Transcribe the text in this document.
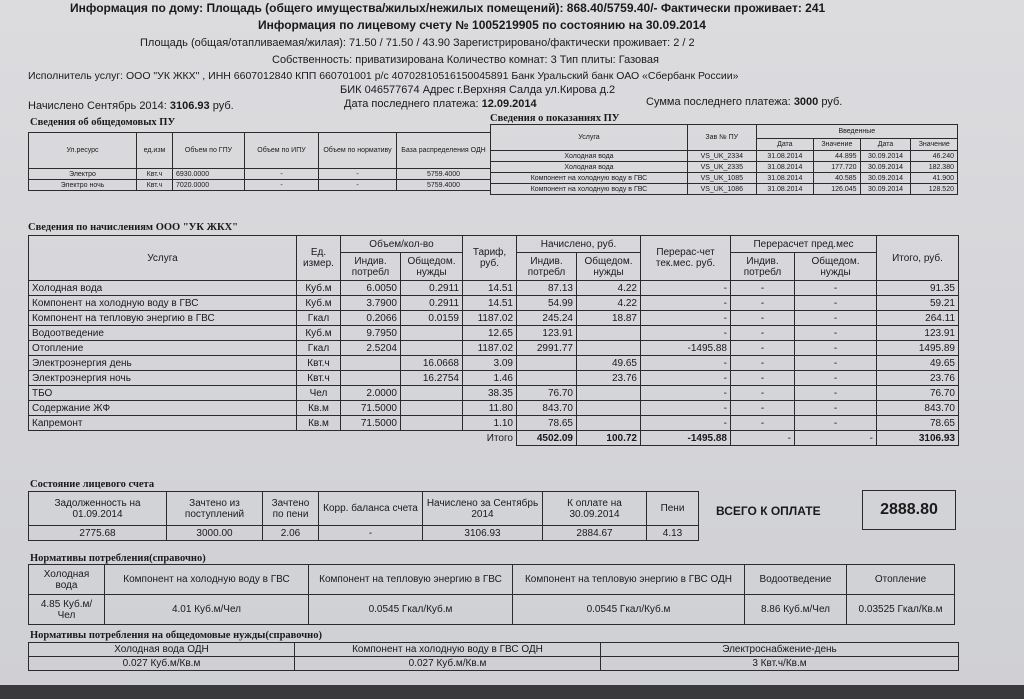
Информация по дому: Площадь (общего имущества/жилых/нежилых помещений): 868.40/5759.40/- Фактически проживает: 241
Информация по лицевому счету № 1005219905 по состоянию на 30.09.2014
Площадь (общая/отапливаемая/жилая): 71.50 / 71.50 / 43.90 Зарегистрировано/фактически проживает: 2 / 2
Собственность: приватизирована Количество комнат: 3 Тип плиты: Газовая
Исполнитель услуг: ООО "УК ЖКХ" , ИНН 6607012840 КПП 660701001 р/с 40702810516150045891 Банк Уральский банк ОАО «Сбербанк России»
БИК 046577674 Адрес г.Верхняя Салда ул.Кирова д.2
Начислено Сентябрь 2014: 3106.93 руб.	Дата последнего платежа: 12.09.2014	Сумма последнего платежа: 3000 руб.
Сведения об общедомовых ПУ
Ул.ресурс	ед.изм	Объем по ГПУ	Объем по ИПУ	Объем по нормативу	База распределения ОДН
Электро	Квт.ч	6930.0000	-	-	5759.4000
Электро ночь	Квт.ч	7020.0000	-	-	5759.4000
Сведения о показаниях ПУ
Услуга	Зав № ПУ	Введенные			
		Дата	Значение	Дата	Значение
Холодная вода	VS_UK_2334	31.08.2014	44.895	30.09.2014	46.240
Холодная вода	VS_UK_2335	31.08.2014	177.720	30.09.2014	182.380
Компонент на холодную воду в ГВС	VS_UK_1085	31.08.2014	40.585	30.09.2014	41.900
Компонент на холодную воду в ГВС	VS_UK_1086	31.08.2014	126.045	30.09.2014	128.520
Сведения по начислениям ООО "УК ЖКХ"
Услуга	Ед. измер.	Объем/кол-во		Тариф, руб.	Начислено, руб.		Перерас-чет тек.мес. руб.	Перерасчет пред.мес		Итого, руб.
		Индив. потребл	Общедом. нужды		Индив. потребл	Общедом. нужды		Индив. потребл	Общедом. нужды	
Холодная вода	Куб.м	6.0050	0.2911	14.51	87.13	4.22	-	-	-	91.35
Компонент на холодную воду в ГВС	Куб.м	3.7900	0.2911	14.51	54.99	4.22	-	-	-	59.21
Компонент на тепловую энергию в ГВС	Гкал	0.2066	0.0159	1187.02	245.24	18.87	-	-	-	264.11
Водоотведение	Куб.м	9.7950		12.65	123.91		-	-	-	123.91
Отопление	Гкал	2.5204		1187.02	2991.77		-1495.88	-	-	1495.89
Электроэнергия день	Квт.ч		16.0668	3.09		49.65	-	-	-	49.65
Электроэнергия ночь	Квт.ч		16.2754	1.46		23.76	-	-	-	23.76
ТБО	Чел	2.0000		38.35	76.70		-	-	-	76.70
Содержание ЖФ	Кв.м	71.5000		11.80	843.70		-	-	-	843.70
Капремонт	Кв.м	71.5000		1.10	78.65		-	-	-	78.65
				Итого	4502.09	100.72	-1495.88	-	-	3106.93
Состояние лицевого счета
Задолженность на 01.09.2014	Зачтено из поступлений	Зачтено по пени	Корр. баланса счета	Начислено за Сентябрь 2014	К оплате на 30.09.2014	Пени
2775.68	3000.00	2.06	-	3106.93	2884.67	4.13
ВСЕГО К ОПЛАТЕ	2888.80
Нормативы потребления(справочно)
Холодная вода	Компонент на холодную воду в ГВС	Компонент на тепловую энергию в ГВС	Компонент на тепловую энергию в ГВС ОДН	Водоотведение	Отопление
4.85 Куб.м/Чел	4.01 Куб.м/Чел	0.0545 Гкал/Куб.м	0.0545 Гкал/Куб.м	8.86 Куб.м/Чел	0.03525 Гкал/Кв.м
Нормативы потребления на общедомовые нужды(справочно)
Холодная вода ОДН	Компонент на холодную воду в ГВС ОДН	Электроснабжение-день
0.027 Куб.м/Кв.м	0.027 Куб.м/Кв.м	3 Квт.ч/Кв.м
